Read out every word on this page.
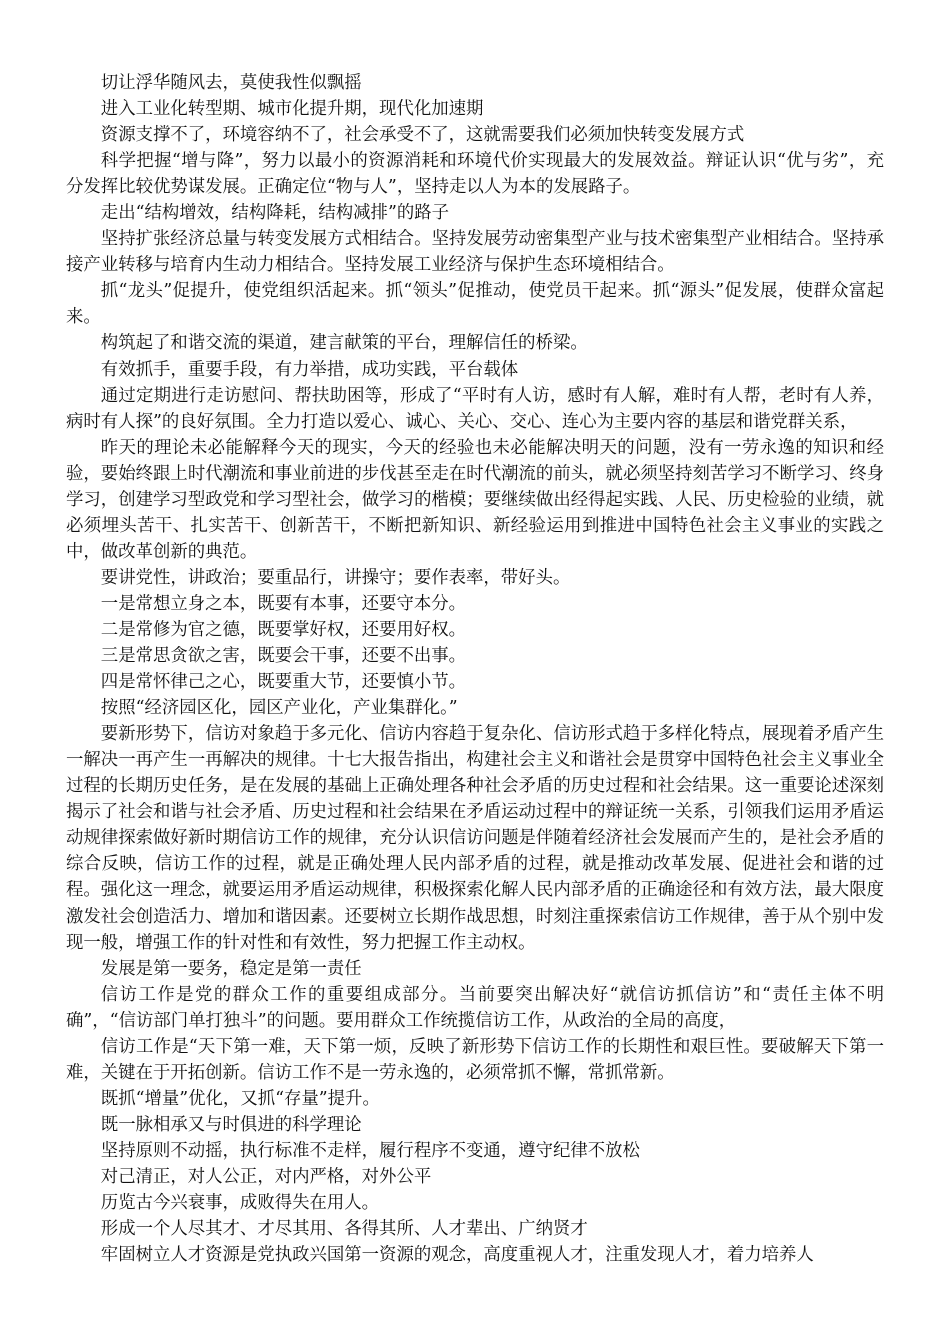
切让浮华随风去，莫使我性似飘摇

进入工业化转型期、城市化提升期，现代化加速期

资源支撑不了，环境容纳不了，社会承受不了，这就需要我们必须加快转变发展方式

科学把握“增与降”，努力以最小的资源消耗和环境代价实现最大的发展效益。辩证认识“优与劣”，充分发挥比较优势谋发展。正确定位“物与人”，坚持走以人为本的发展路子。

走出“结构增效，结构降耗，结构减排”的路子

坚持扩张经济总量与转变发展方式相结合。坚持发展劳动密集型产业与技术密集型产业相结合。坚持承接产业转移与培育内生动力相结合。坚持发展工业经济与保护生态环境相结合。

抓“龙头”促提升，使党组织活起来。抓“领头”促推动，使党员干起来。抓“源头”促发展，使群众富起来。

构筑起了和谐交流的渠道，建言献策的平台，理解信任的桥梁。

有效抓手，重要手段，有力举措，成功实践，平台载体

通过定期进行走访慰问、帮扶助困等，形成了“平时有人访，感时有人解，难时有人帮，老时有人养，病时有人探”的良好氛围。全力打造以爱心、诚心、关心、交心、连心为主要内容的基层和谐党群关系，

昨天的理论未必能解释今天的现实，今天的经验也未必能解决明天的问题，没有一劳永逸的知识和经验，要始终跟上时代潮流和事业前进的步伐甚至走在时代潮流的前头，就必须坚持刻苦学习不断学习、终身学习，创建学习型政党和学习型社会，做学习的楷模；要继续做出经得起实践、人民、历史检验的业绩，就必须埋头苦干、扎实苦干、创新苦干，不断把新知识、新经验运用到推进中国特色社会主义事业的实践之中，做改革创新的典范。

要讲党性，讲政治；要重品行，讲操守；要作表率，带好头。

一是常想立身之本，既要有本事，还要守本分。

二是常修为官之德，既要掌好权，还要用好权。

三是常思贪欲之害，既要会干事，还要不出事。

四是常怀律己之心，既要重大节，还要慎小节。

按照“经济园区化，园区产业化，产业集群化。”

要新形势下，信访对象趋于多元化、信访内容趋于复杂化、信访形式趋于多样化特点，展现着矛盾产生一解决一再产生一再解决的规律。十七大报告指出，构建社会主义和谐社会是贯穿中国特色社会主义事业全过程的长期历史任务，是在发展的基础上正确处理各种社会矛盾的历史过程和社会结果。这一重要论述深刻揭示了社会和谐与社会矛盾、历史过程和社会结果在矛盾运动过程中的辩证统一关系，引领我们运用矛盾运动规律探索做好新时期信访工作的规律，充分认识信访问题是伴随着经济社会发展而产生的，是社会矛盾的综合反映，信访工作的过程，就是正确处理人民内部矛盾的过程，就是推动改革发展、促进社会和谐的过程。强化这一理念，就要运用矛盾运动规律，积极探索化解人民内部矛盾的正确途径和有效方法，最大限度激发社会创造活力、增加和谐因素。还要树立长期作战思想，时刻注重探索信访工作规律，善于从个别中发现一般，增强工作的针对性和有效性，努力把握工作主动权。

发展是第一要务，稳定是第一责任

信访工作是党的群众工作的重要组成部分。当前要突出解决好“就信访抓信访”和“责任主体不明确”，“信访部门单打独斗”的问题。要用群众工作统揽信访工作，从政治的全局的高度，

信访工作是“天下第一难，天下第一烦，反映了新形势下信访工作的长期性和艰巨性。要破解天下第一难，关键在于开拓创新。信访工作不是一劳永逸的，必须常抓不懈，常抓常新。

既抓“增量”优化，又抓“存量”提升。

既一脉相承又与时俱进的科学理论

坚持原则不动摇，执行标准不走样，履行程序不变通，遵守纪律不放松

对己清正，对人公正，对内严格，对外公平

历览古今兴衰事，成败得失在用人。

形成一个人尽其才、才尽其用、各得其所、人才辈出、广纳贤才

牢固树立人才资源是党执政兴国第一资源的观念，高度重视人才，注重发现人才，着力培养人
